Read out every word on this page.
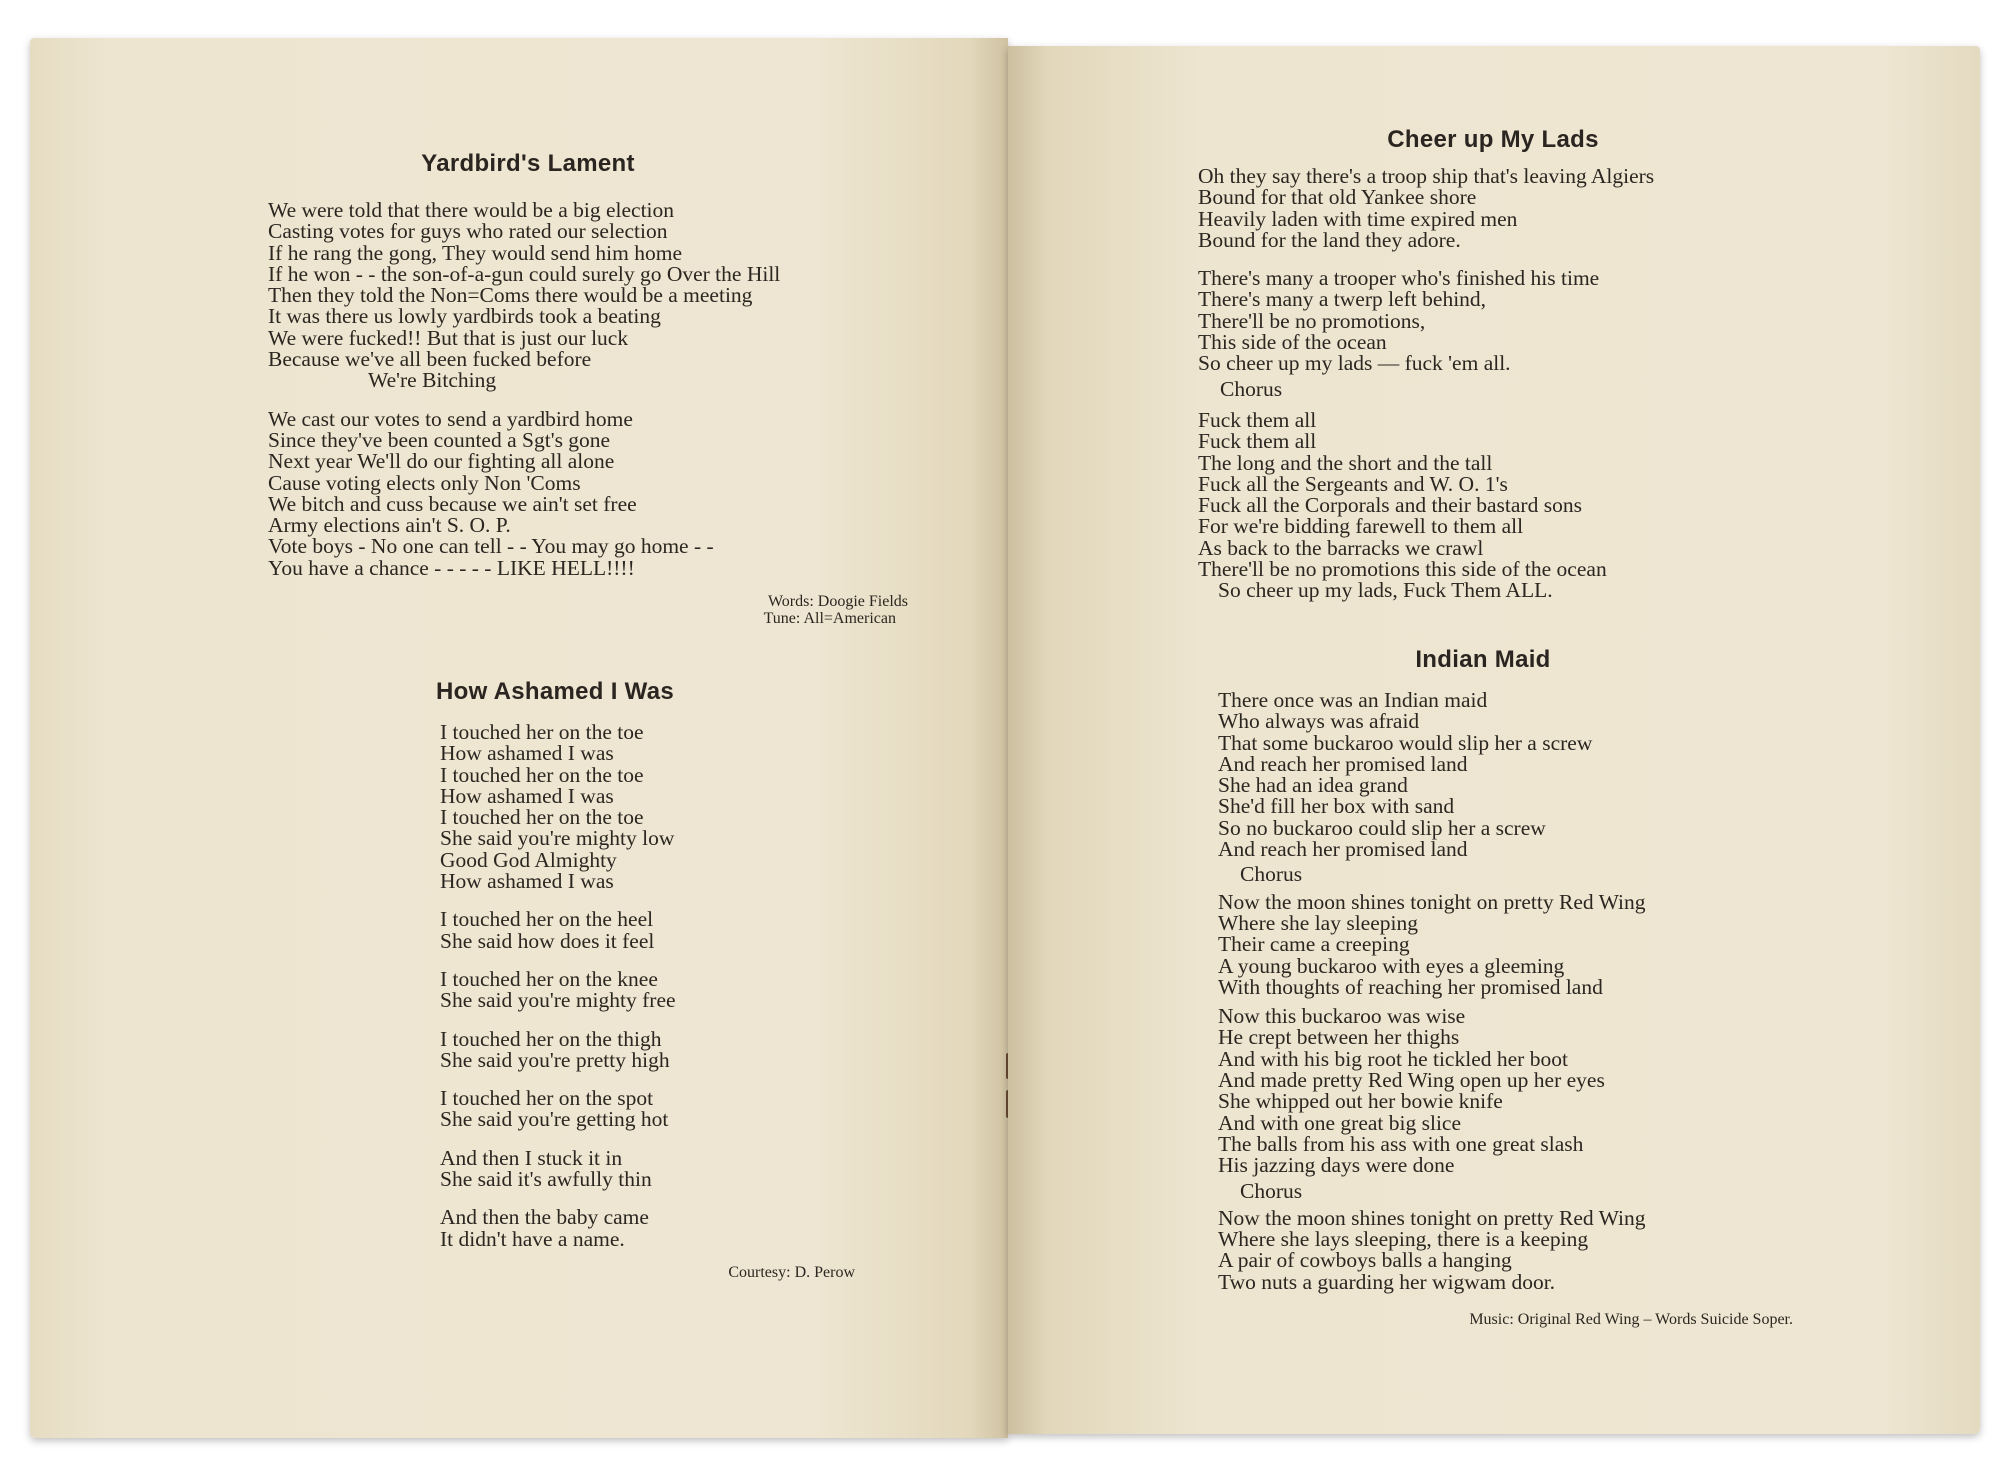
Yardbird's Lament
We were told that there would be a big election
Casting votes for guys who rated our selection
If he rang the gong, They would send him home
If he won - - the son-of-a-gun could surely go Over the Hill
Then they told the Non=Coms there would be a meeting
It was there us lowly yardbirds took a beating
We were fucked!! But that is just our luck
Because we've all been fucked before
We're Bitching
We cast our votes to send a yardbird home
Since they've been counted a Sgt's gone
Next year We'll do our fighting all alone
Cause voting elects only Non 'Coms
We bitch and cuss because we ain't set free
Army elections ain't S. O. P.
Vote boys - No one can tell - - You may go home - -
You have a chance - - - - - LIKE HELL!!!!
Words: Doogie Fields
Tune: All=American
How Ashamed I Was
I touched her on the toe
How ashamed I was
I touched her on the toe
How ashamed I was
I touched her on the toe
She said you're mighty low
Good God Almighty
How ashamed I was
I touched her on the heel
She said how does it feel
I touched her on the knee
She said you're mighty free
I touched her on the thigh
She said you're pretty high
I touched her on the spot
She said you're getting hot
And then I stuck it in
She said it's awfully thin
And then the baby came
It didn't have a name.
Courtesy: D. Perow
Cheer up My Lads
Oh they say there's a troop ship that's leaving Algiers
Bound for that old Yankee shore
Heavily laden with time expired men
Bound for the land they adore.
There's many a trooper who's finished his time
There's many a twerp left behind,
There'll be no promotions,
This side of the ocean
So cheer up my lads — fuck 'em all.
Chorus
Fuck them all
Fuck them all
The long and the short and the tall
Fuck all the Sergeants and W. O. 1's
Fuck all the Corporals and their bastard sons
For we're bidding farewell to them all
As back to the barracks we crawl
There'll be no promotions this side of the ocean
So cheer up my lads, Fuck Them ALL.
Indian Maid
There once was an Indian maid
Who always was afraid
That some buckaroo would slip her a screw
And reach her promised land
She had an idea grand
She'd fill her box with sand
So no buckaroo could slip her a screw
And reach her promised land
Chorus
Now the moon shines tonight on pretty Red Wing
Where she lay sleeping
Their came a creeping
A young buckaroo with eyes a gleeming
With thoughts of reaching her promised land
Now this buckaroo was wise
He crept between her thighs
And with his big root he tickled her boot
And made pretty Red Wing open up her eyes
She whipped out her bowie knife
And with one great big slice
The balls from his ass with one great slash
His jazzing days were done
Chorus
Now the moon shines tonight on pretty Red Wing
Where she lays sleeping, there is a keeping
A pair of cowboys balls a hanging
Two nuts a guarding her wigwam door.
Music: Original Red Wing – Words Suicide Soper.
